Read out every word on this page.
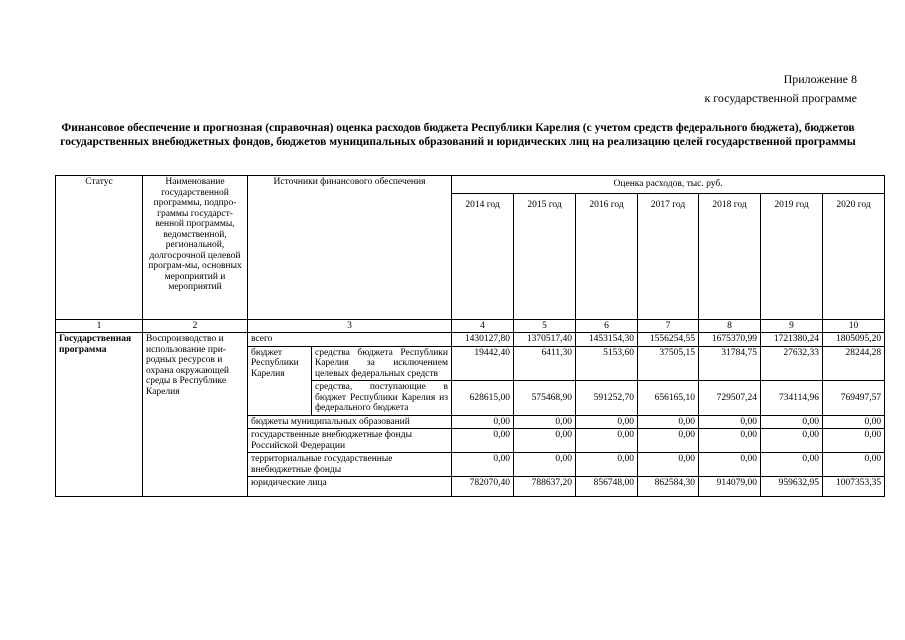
Приложение 8
к государственной программе
Финансовое обеспечение и прогнозная (справочная) оценка расходов бюджета Республики Карелия (с учетом средств федерального бюджета), бюджетов государственных внебюджетных фондов, бюджетов муниципальных образований и юридических лиц на реализацию целей государственной программы
Статус	Наименование государственной программы, подпро-граммы государст-венной программы, ведомственной, региональной, долгосрочной целевой програм-мы, основных мероприятий и мероприятий	Источники финансового обеспечения		Оценка расходов, тыс. руб.						
				2014 год	2015 год	2016 год	2017 год	2018 год	2019 год	2020 год
1	2	3		4	5	6	7	8	9	10
Государственная программа	Воспроизводство и использование при-родных ресурсов и охрана окружающей среды в Республике Карелия	всего		1430127,80	1370517,40	1453154,30	1556254,55	1675370,99	1721380,24	1805095,20
		бюджет Республики Карелия	средства бюджета Республики Карелия за исключением целевых федеральных средств	19442,40	6411,30	5153,60	37505,15	31784,75	27632,33	28244,28
			средства, поступающие в бюджет Республики Карелия из федерального бюджета	628615,00	575468,90	591252,70	656165,10	729507,24	734114,96	769497,57
		бюджеты муниципальных образований		0,00	0,00	0,00	0,00	0,00	0,00	0,00
		государственные внебюджетные фонды Российской Федерации		0,00	0,00	0,00	0,00	0,00	0,00	0,00
		территориальные государственные внебюджетные фонды		0,00	0,00	0,00	0,00	0,00	0,00	0,00
		юридические лица		782070,40	788637,20	856748,00	862584,30	914079,00	959632,95	1007353,35
